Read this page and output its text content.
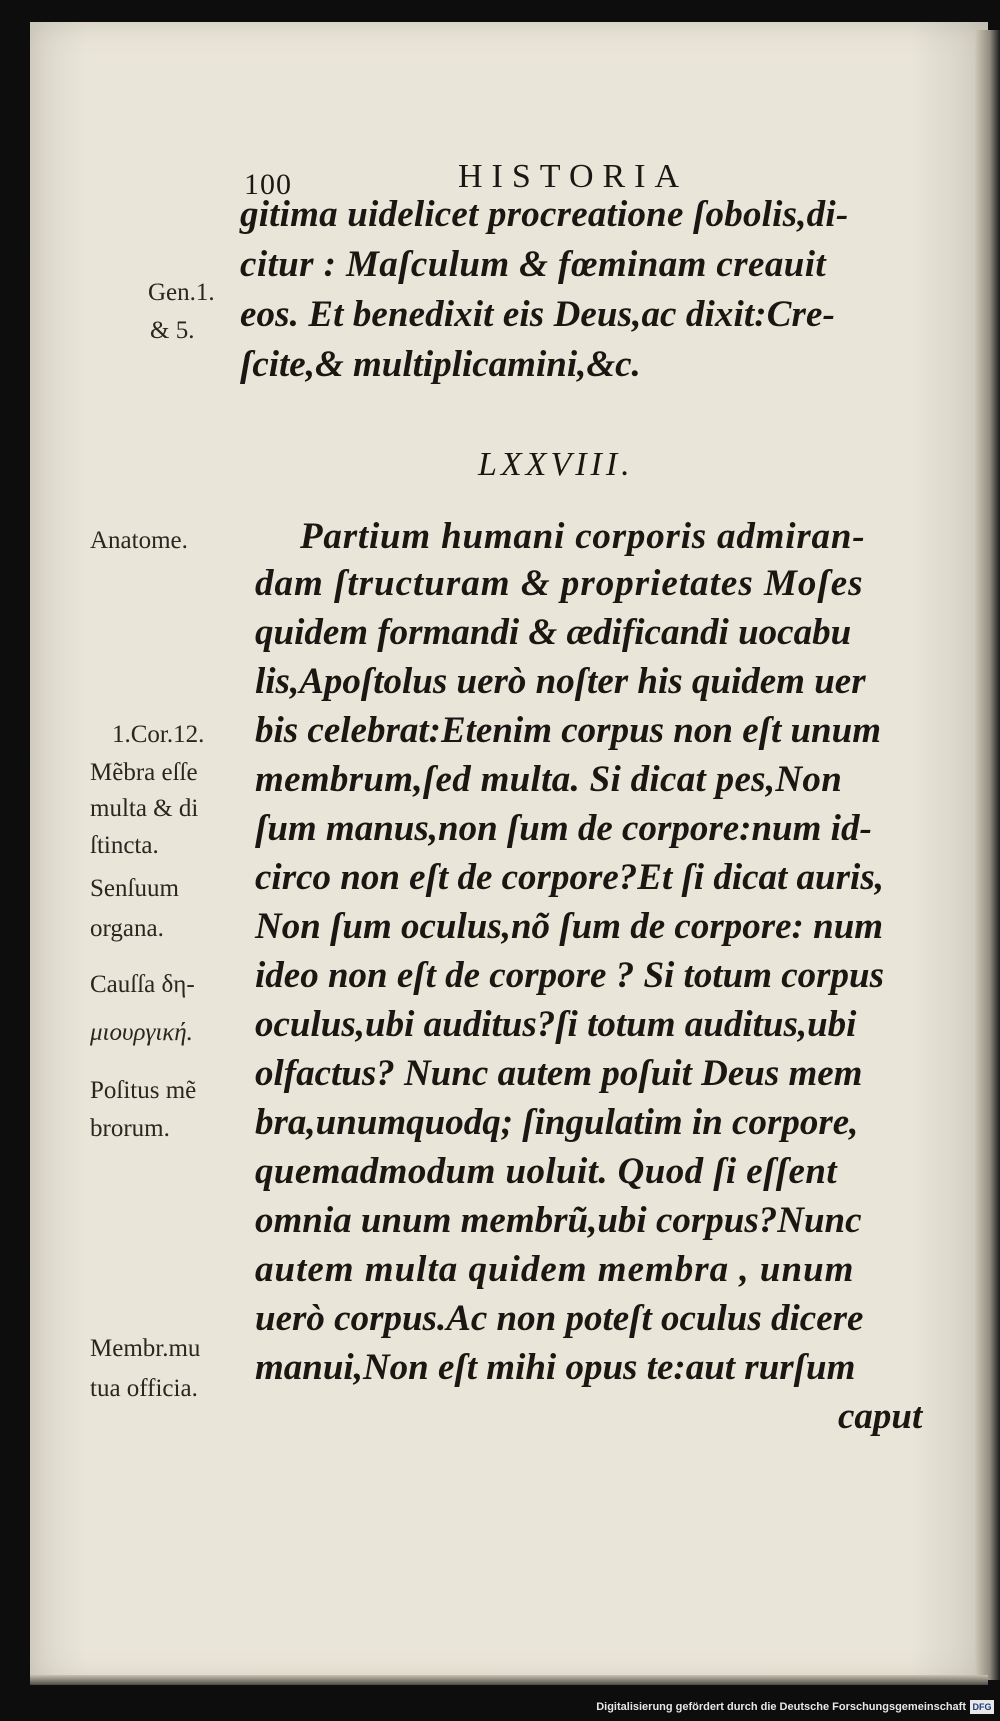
100	HISTORIA
gitima uidelicet procreatione ſobolis,di-
citur : Maſculum & fœminam creauit
eos. Et benedixit eis Deus,ac dixit:Cre-
ſcite,& multiplicamini,&c.
LXXVIII.
Partium humani corporis admiran-
dam ſtructuram & proprietates Moſes
quidem formandi & ædificandi uocabu
lis,Apoſtolus uerò noſter his quidem uer
bis celebrat:Etenim corpus non eſt unum
membrum,ſed multa. Si dicat pes,Non
ſum manus,non ſum de corpore:num id-
circo non eſt de corpore?Et ſi dicat auris,
Non ſum oculus,nõ ſum de corpore: num
ideo non eſt de corpore ? Si totum corpus
oculus,ubi auditus?ſi totum auditus,ubi
olfactus? Nunc autem poſuit Deus mem
bra,unumquodq; ſingulatim in corpore,
quemadmodum uoluit. Quod ſi eſſent
omnia unum membrũ,ubi corpus?Nunc
autem multa quidem membra , unum
uerò corpus.Ac non poteſt oculus dicere
manui,Non eſt mihi opus te:aut rurſum
caput
Gen.1.
& 5.
Anatome.
1.Cor.12.
Mẽbra eſſe
multa & di
ſtincta.
Senſuum
organa.
Cauſſa δη-
μιουργική.
Poſitus mẽ
brorum.
Membr.mu
tua officia.
Digitalisierung gefördert durch die Deutsche Forschungsgemeinschaft DFG
